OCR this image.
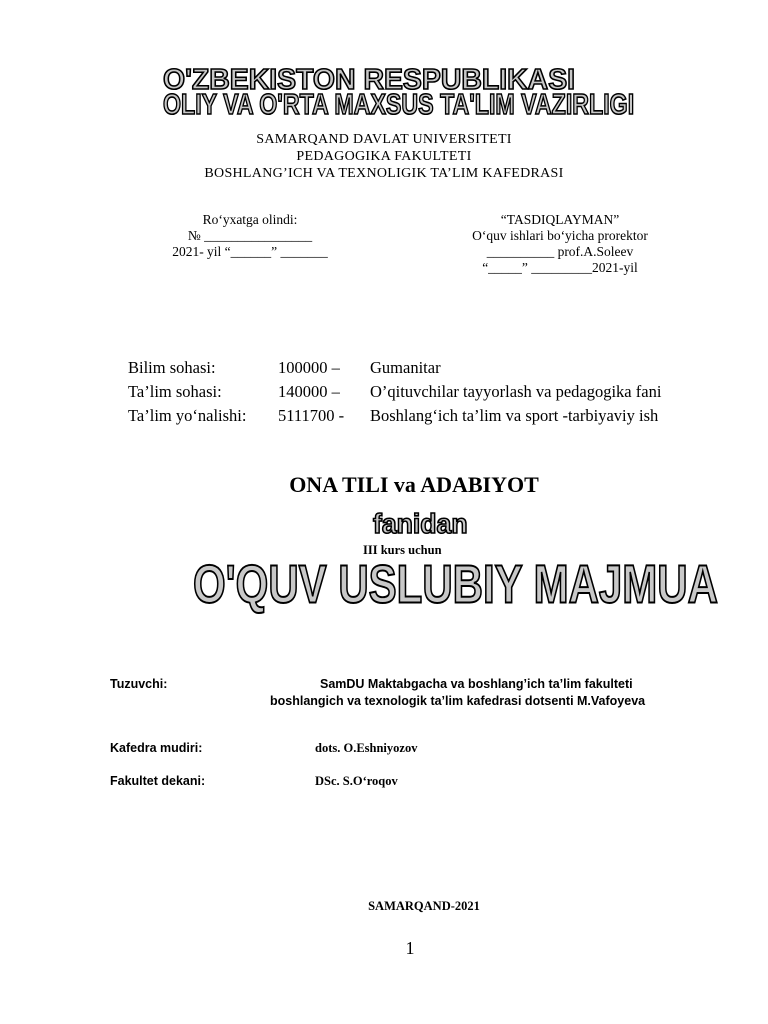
O'ZBEKISTON RESPUBLIKASI
OLIY VA O'RTA MAXSUS TA'LIM VAZIRLIGI
SAMARQAND DAVLAT UNIVERSITETI
PEDAGOGIKA FAKULTETI
BOSHLANG’ICH VA TEXNOLIGIK TA’LIM KAFEDRASI
Ro‘yxatga olindi:
№ ________________
2021- yil “______” _______
“TASDIQLAYMAN”
O‘quv ishlari bo‘yicha prorektor
__________ prof.A.Soleev
“_____” _________2021-yil
Bilim sohasi:	100000 – Gumanitar
Ta’lim sohasi:	140000 – O’qituvchilar tayyorlash va pedagogika fani
Ta’lim yo‘nalishi: 5111700 - Boshlang‘ich ta’lim va sport -tarbiyaviy ish
ONA TILI va ADABIYOT
fanidan
III kurs uchun
O'QUV USLUBIY MAJMUA
Tuzuvchi:	SamDU Maktabgacha va boshlang’ich ta’lim fakulteti
boshlangich va texnologik ta’lim kafedrasi dotsenti M.Vafoyeva
Kafedra mudiri:	dots. O.Eshniyozov
Fakultet dekani:	DSc. S.O‘roqov
SAMARQAND-2021
1
